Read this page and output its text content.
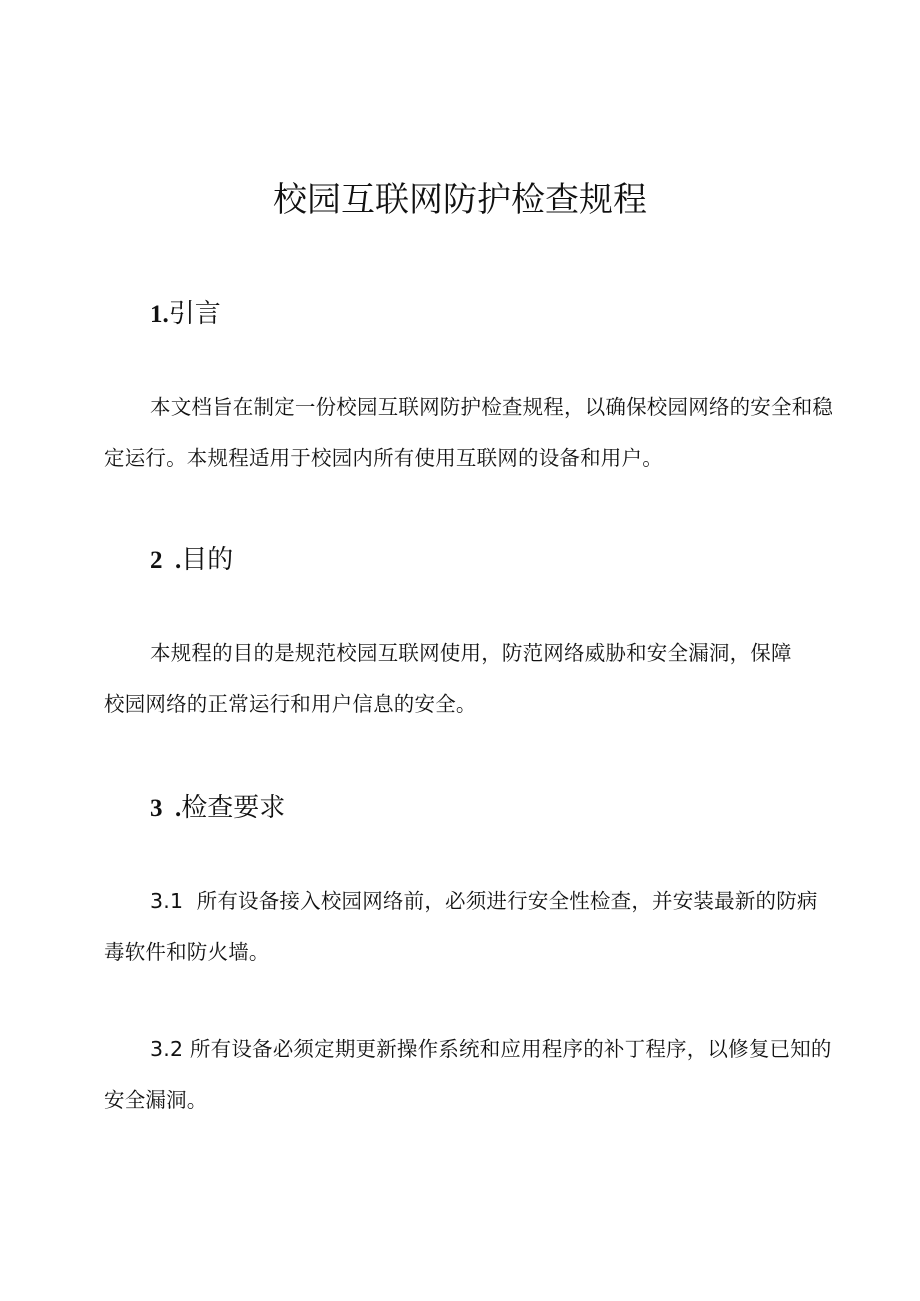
校园互联网防护检查规程
1.引言

本文档旨在制定一份校园互联网防护检查规程，以确保校园网络的安全和稳定运行。本规程适用于校园内所有使用互联网的设备和用户。

2  .目的

本规程的目的是规范校园互联网使用，防范网络威胁和安全漏洞，保障校园网络的正常运行和用户信息的安全。

3  .检查要求

3.1  所有设备接入校园网络前，必须进行安全性检查，并安装最新的防病毒软件和防火墙。

3.2 所有设备必须定期更新操作系统和应用程序的补丁程序，以修复已知的安全漏洞。
